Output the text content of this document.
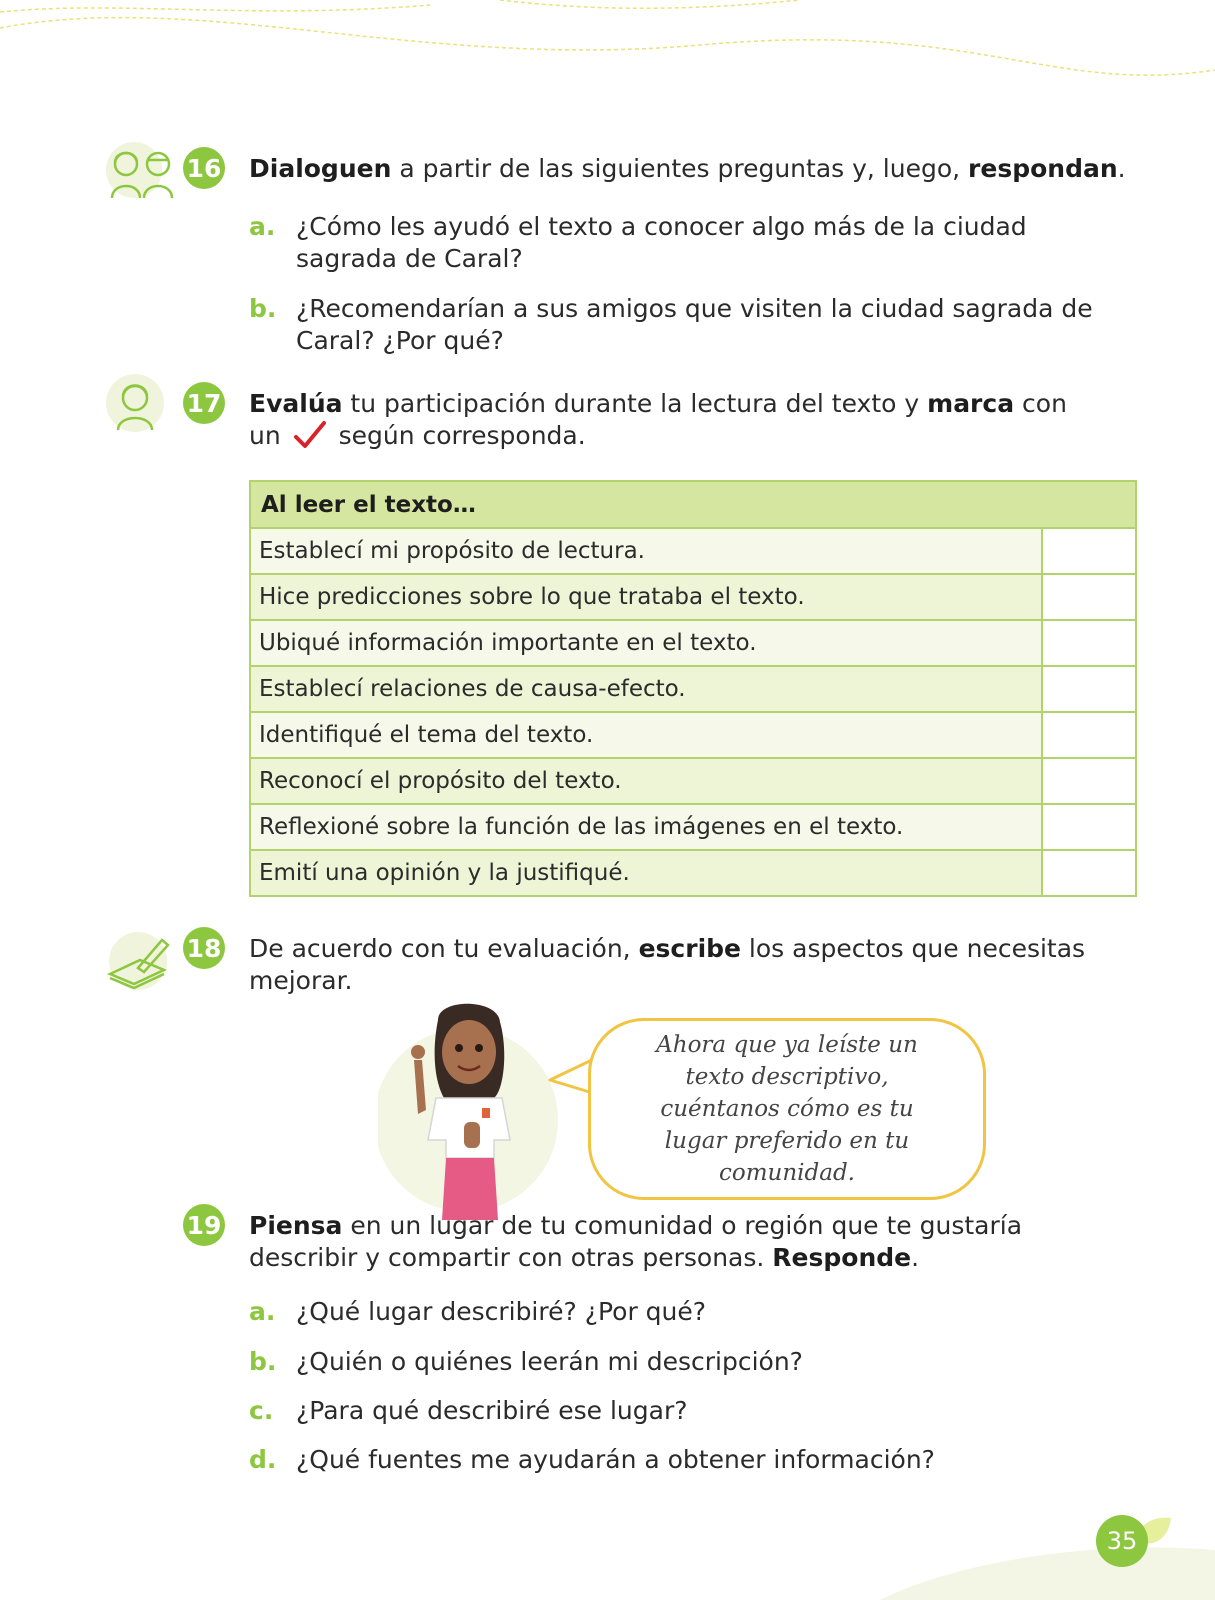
16 Dialoguen a partir de las siguientes preguntas y, luego, respondan.
a. ¿Cómo les ayudó el texto a conocer algo más de la ciudad sagrada de Caral?
b. ¿Recomendarían a sus amigos que visiten la ciudad sagrada de Caral? ¿Por qué?
17 Evalúa tu participación durante la lectura del texto y marca con
un según corresponda.
Al leer el texto…	
Establecí mi propósito de lectura.	
Hice predicciones sobre lo que trataba el texto.	
Ubiqué información importante en el texto.	
Establecí relaciones de causa-efecto.	
Identifiqué el tema del texto.	
Reconocí el propósito del texto.	
Reflexioné sobre la función de las imágenes en el texto.	
Emití una opinión y la justifiqué.	
18 De acuerdo con tu evaluación, escribe los aspectos que necesitas mejorar.
Ahora que ya leíste un texto descriptivo, cuéntanos cómo es tu lugar preferido en tu comunidad.
19 Piensa en un lugar de tu comunidad o región que te gustaría describir y compartir con otras personas. Responde.
a. ¿Qué lugar describiré? ¿Por qué?
b. ¿Quién o quiénes leerán mi descripción?
c. ¿Para qué describiré ese lugar?
d. ¿Qué fuentes me ayudarán a obtener información?
35
